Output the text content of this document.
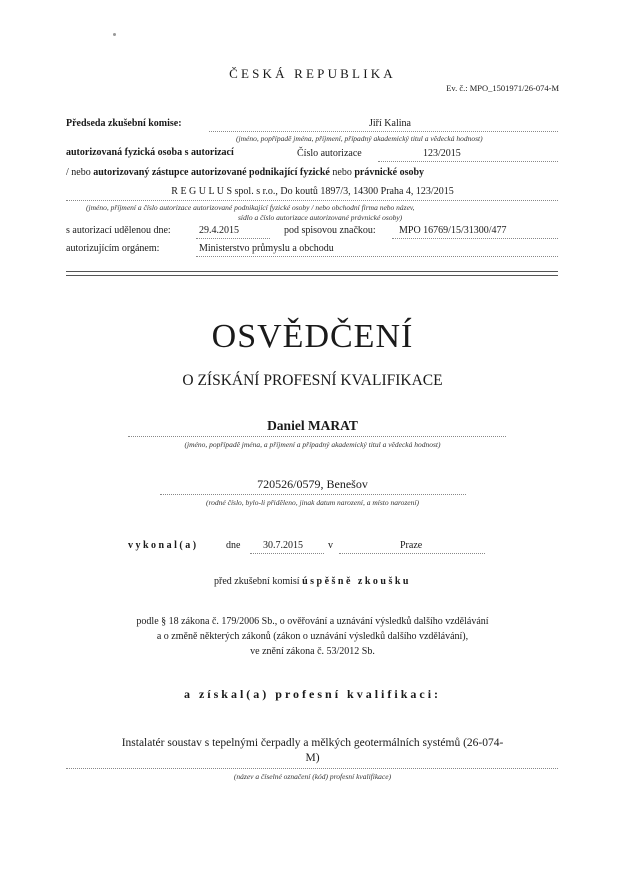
ČESKÁ REPUBLIKA
Ev. č.: MPO_1501971/26-074-M
Předseda zkušební komise:	Jiří Kalina
(jméno, popřípadě jména, příjmení, případný akademický titul a vědecká hodnost)
autorizovaná fyzická osoba s autorizací	Číslo autorizace	123/2015
/ nebo autorizovaný zástupce autorizované podnikající fyzické nebo právnické osoby
R E G U L U S spol. s r.o., Do koutů 1897/3, 14300 Praha 4, 123/2015
(jméno, příjmení a číslo autorizace autorizované podnikající fyzické osoby / nebo obchodní firma nebo název,
sídlo a číslo autorizace autorizované právnické osoby)
s autorizací udělenou dne:	29.4.2015	pod spisovou značkou: MPO 16769/15/31300/477
autorizujícím orgánem:	Ministerstvo průmyslu a obchodu
OSVĚDČENÍ
O ZÍSKÁNÍ PROFESNÍ KVALIFIKACE
Daniel MARAT
(jméno, popřípadě jména, a příjmení a případný akademický titul a vědecká hodnost)
720526/0579, Benešov
(rodné číslo, bylo-li přiděleno, jinak datum narození, a místo narození)
vykonal(a)	dne 30.7.2015	v	Praze
před zkušební komisí úspěšně zkoušku
podle § 18 zákona č. 179/2006 Sb., o ověřování a uznávání výsledků dalšího vzdělávání
a o změně některých zákonů (zákon o uznávání výsledků dalšího vzdělávání),
ve znění zákona č. 53/2012 Sb.
a získal(a) profesní kvalifikaci:
Instalatér soustav s tepelnými čerpadly a mělkých geotermálních systémů (26-074-
M)
(název a číselné označení (kód) profesní kvalifikace)
